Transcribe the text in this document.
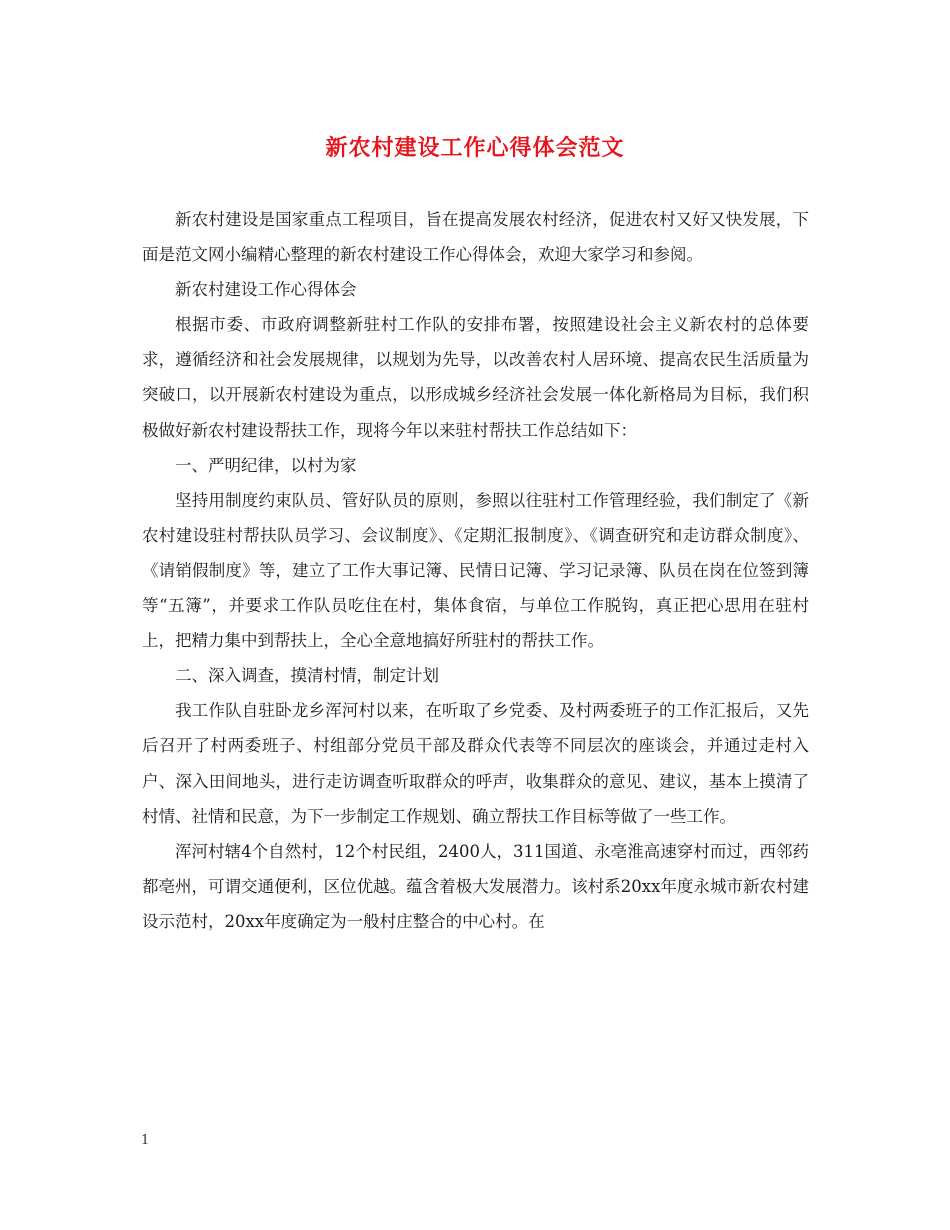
新农村建设工作心得体会范文

新农村建设是国家重点工程项目，旨在提高发展农村经济，促进农村又好又快发展，下面是范文网小编精心整理的新农村建设工作心得体会，欢迎大家学习和参阅。

新农村建设工作心得体会

根据市委、市政府调整新驻村工作队的安排布署，按照建设社会主义新农村的总体要求，遵循经济和社会发展规律，以规划为先导，以改善农村人居环境、提高农民生活质量为突破口，以开展新农村建设为重点，以形成城乡经济社会发展一体化新格局为目标，我们积极做好新农村建设帮扶工作，现将今年以来驻村帮扶工作总结如下：

一、严明纪律，以村为家

坚持用制度约束队员、管好队员的原则，参照以往驻村工作管理经验，我们制定了《新农村建设驻村帮扶队员学习、会议制度》、《定期汇报制度》、《调查研究和走访群众制度》、《请销假制度》等，建立了工作大事记簿、民情日记簿、学习记录簿、队员在岗在位签到簿等“五簿”，并要求工作队员吃住在村，集体食宿，与单位工作脱钩，真正把心思用在驻村上，把精力集中到帮扶上，全心全意地搞好所驻村的帮扶工作。

二、深入调查，摸清村情，制定计划

我工作队自驻卧龙乡浑河村以来，在听取了乡党委、及村两委班子的工作汇报后，又先后召开了村两委班子、村组部分党员干部及群众代表等不同层次的座谈会，并通过走村入户、深入田间地头，进行走访调查听取群众的呼声，收集群众的意见、建议，基本上摸清了村情、社情和民意，为下一步制定工作规划、确立帮扶工作目标等做了一些工作。

浑河村辖4个自然村，12个村民组，2400人，311国道、永亳淮高速穿村而过，西邻药都亳州，可谓交通便利，区位优越。蕴含着极大发展潜力。该村系20xx年度永城市新农村建设示范村，20xx年度确定为一般村庄整合的中心村。在

1
